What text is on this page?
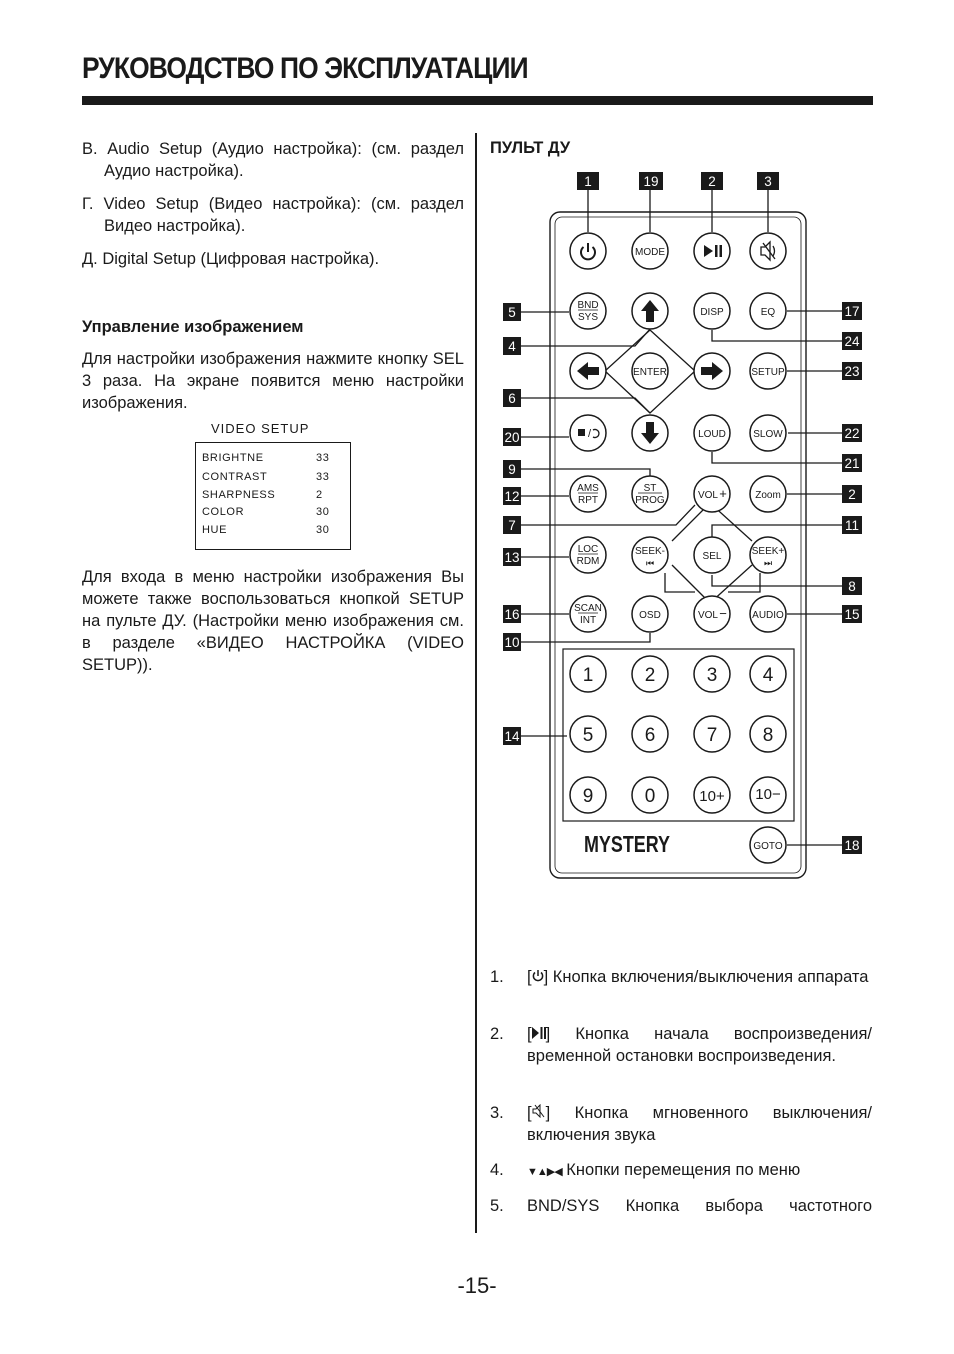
РУКОВОДСТВО ПО ЭКСПЛУАТАЦИИ

В. Audio Setup (Аудио настройка): (см. раздел Аудио настройка).

Г. Video Setup (Видео настройка): (см. раздел Видео настройка).

Д. Digital Setup (Цифровая настройка).

Управление изображением
Для настройки изображения нажмите кнопку SEL 3 раза. На экране появится меню настройки изображения.
VIDEO SETUP
BRIGHTNE	33
CONTRAST	33
SHARPNESS	2
COLOR	30
HUE	30
Для входа в меню настройки изображения Вы можете также воспользоваться кнопкой SETUP на пульте ДУ. (Настройки меню изображения см. в разделе «ВИДЕО НАСТРОЙКА (VIDEO SETUP)).
ПУЛЬТ ДУ
1	19	2	3
5
4
6
20
9
12
7
13
16
10
14
17
24
23
22
21
2
11
8
15
18
/
MODE
BND
SYS	DISP	EQ
ENTER	SETUP
LOUD	SLOW
AMS
RPT
ST
PROG	VOL +	Zoom
LOC
RDM
SEEK-
⏮
SEL	SEEK+
⏭
SCAN
INT	OSD	VOL −	AUDIO
GOTO
1	2	3 4
5	6	7 8
9	0	10+ 10−
MYSTERY
1. [ ] Кнопка включения/выключения аппарата
2. [ ] Кнопка начала воспроизведения/временной остановки воспроизведения.
3. [ ] Кнопка мгновенного выключения/включения звука
4. ▼▲▶◀ Кнопки перемещения по меню
5. BND/SYS Кнопка выбора частотного
-15-
